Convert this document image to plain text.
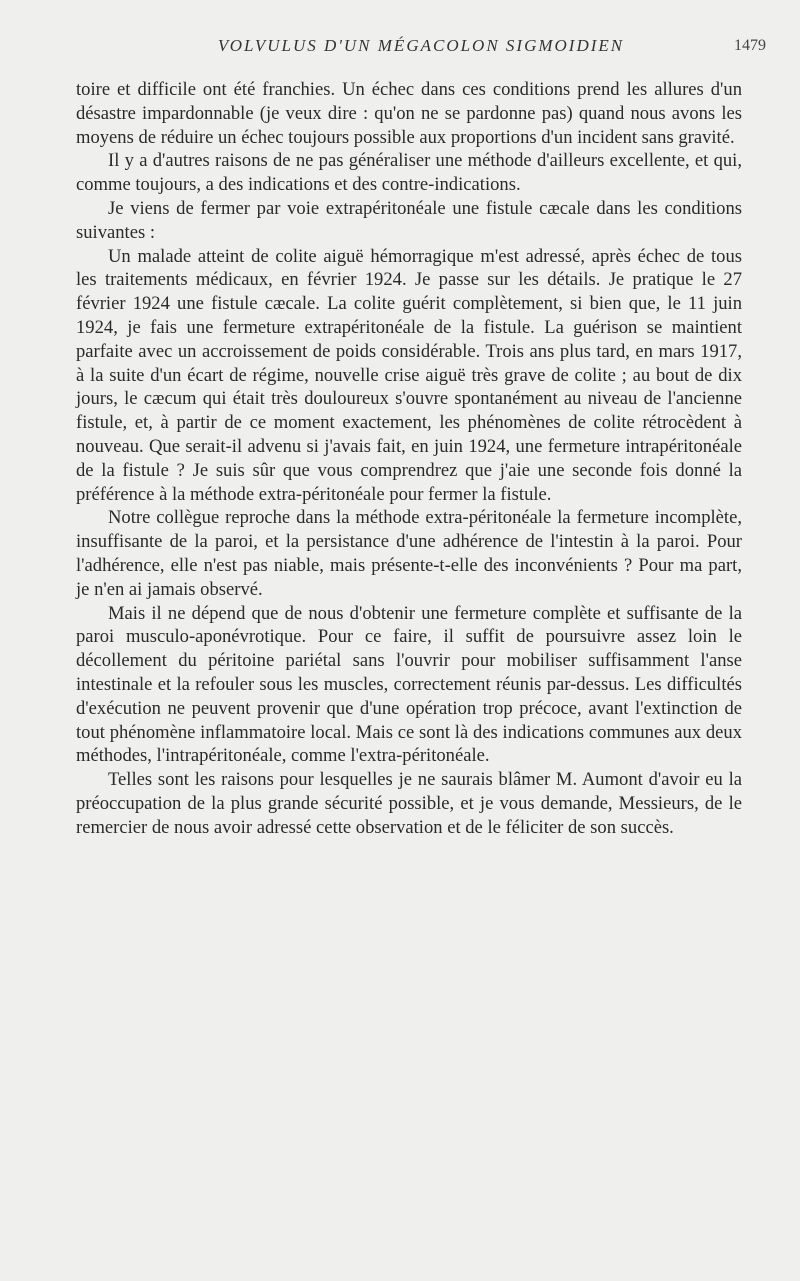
VOLVULUS D'UN MÉGACOLON SIGMOIDIEN	1479

toire et difficile ont été franchies. Un échec dans ces conditions prend les allures d'un désastre impardonnable (je veux dire : qu'on ne se pardonne pas) quand nous avons les moyens de réduire un échec toujours possible aux proportions d'un incident sans gravité.

Il y a d'autres raisons de ne pas généraliser une méthode d'ailleurs excellente, et qui, comme toujours, a des indications et des contre-indications.

Je viens de fermer par voie extrapéritonéale une fistule cæcale dans les conditions suivantes :

Un malade atteint de colite aiguë hémorragique m'est adressé, après échec de tous les traitements médicaux, en février 1924. Je passe sur les détails. Je pratique le 27 février 1924 une fistule cæcale. La colite guérit complètement, si bien que, le 11 juin 1924, je fais une fermeture extrapéritonéale de la fistule. La guérison se maintient parfaite avec un accroissement de poids considérable. Trois ans plus tard, en mars 1917, à la suite d'un écart de régime, nouvelle crise aiguë très grave de colite ; au bout de dix jours, le cæcum qui était très douloureux s'ouvre spontanément au niveau de l'ancienne fistule, et, à partir de ce moment exactement, les phénomènes de colite rétrocèdent à nouveau. Que serait-il advenu si j'avais fait, en juin 1924, une fermeture intrapéritonéale de la fistule ? Je suis sûr que vous comprendrez que j'aie une seconde fois donné la préférence à la méthode extra-péritonéale pour fermer la fistule.

Notre collègue reproche dans la méthode extra-péritonéale la fermeture incomplète, insuffisante de la paroi, et la persistance d'une adhérence de l'intestin à la paroi. Pour l'adhérence, elle n'est pas niable, mais présente-t-elle des inconvénients ? Pour ma part, je n'en ai jamais observé.

Mais il ne dépend que de nous d'obtenir une fermeture complète et suffisante de la paroi musculo-aponévrotique. Pour ce faire, il suffit de poursuivre assez loin le décollement du péritoine pariétal sans l'ouvrir pour mobiliser suffisamment l'anse intestinale et la refouler sous les muscles, correctement réunis par-dessus. Les difficultés d'exécution ne peuvent provenir que d'une opération trop précoce, avant l'extinction de tout phénomène inflammatoire local. Mais ce sont là des indications communes aux deux méthodes, l'intrapéritonéale, comme l'extra-péritonéale.

Telles sont les raisons pour lesquelles je ne saurais blâmer M. Aumont d'avoir eu la préoccupation de la plus grande sécurité possible, et je vous demande, Messieurs, de le remercier de nous avoir adressé cette observation et de le féliciter de son succès.
